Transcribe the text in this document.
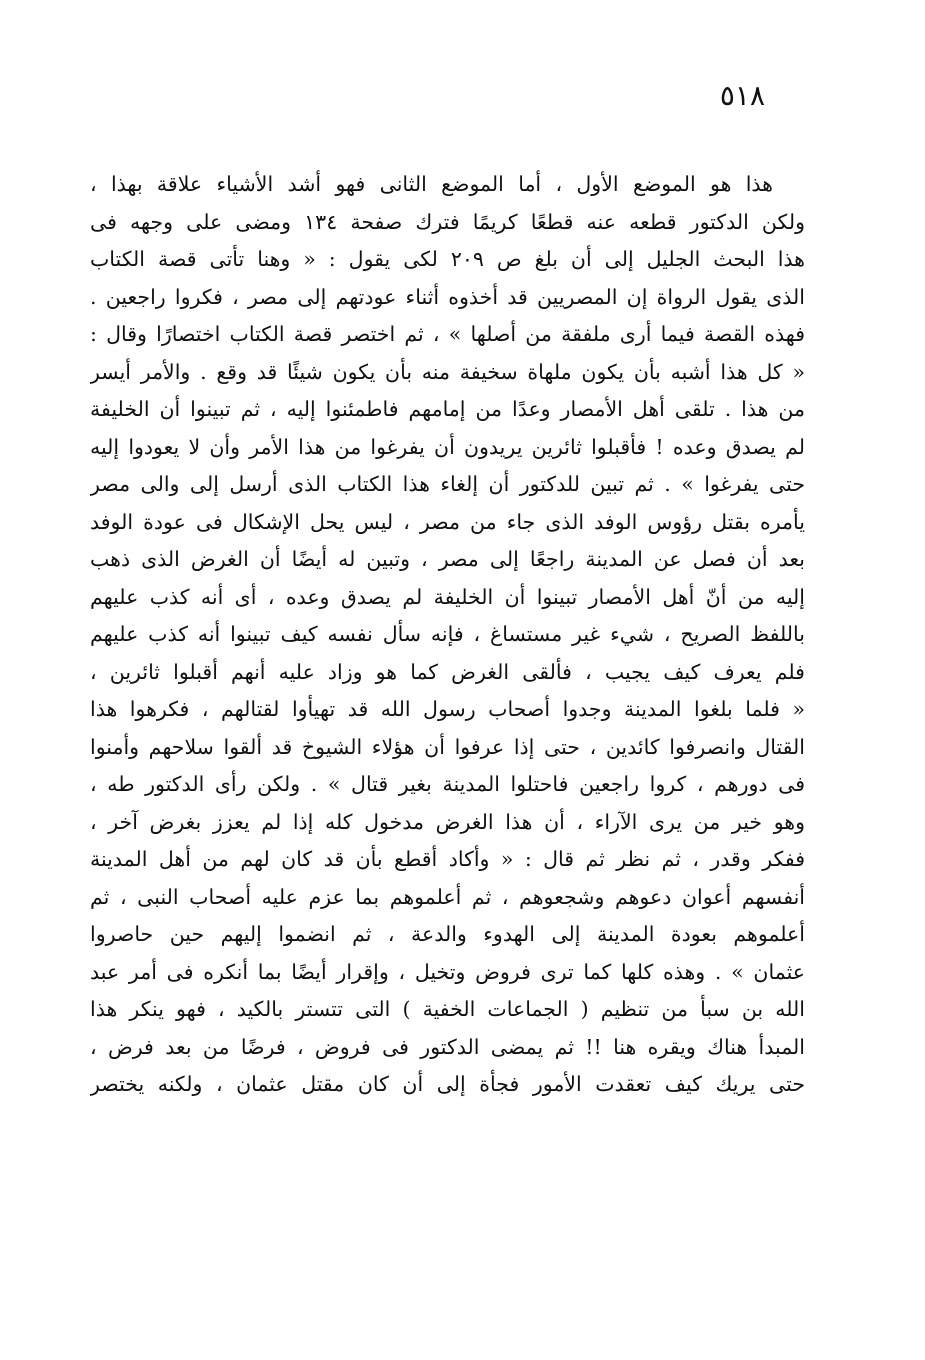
٥١٨
هذا هو الموضع الأول ، أما الموضع الثانى فهو أشد الأشياء علاقة بهذا ،
ولكن الدكتور قطعه عنه قطعًا كريمًا فترك صفحة ١٣٤ ومضى على وجهه فى
هذا البحث الجليل إلى أن بلغ ص ٢٠٩ لكى يقول : « وهنا تأتى قصة الكتاب
الذى يقول الرواة إن المصريين قد أخذوه أثناء عودتهم إلى مصر ، فكروا راجعين .
فهذه القصة فيما أرى ملفقة من أصلها » ، ثم اختصر قصة الكتاب اختصارًا وقال :
« كل هذا أشبه بأن يكون ملهاة سخيفة منه بأن يكون شيئًا قد وقع . والأمر أيسر
من هذا . تلقى أهل الأمصار وعدًا من إمامهم فاطمئنوا إليه ، ثم تبينوا أن الخليفة
لم يصدق وعده ! فأقبلوا ثائرين يريدون أن يفرغوا من هذا الأمر وأن لا يعودوا إليه
حتى يفرغوا » . ثم تبين للدكتور أن إلغاء هذا الكتاب الذى أرسل إلى والى مصر
يأمره بقتل رؤوس الوفد الذى جاء من مصر ، ليس يحل الإشكال فى عودة الوفد
بعد أن فصل عن المدينة راجعًا إلى مصر ، وتبين له أيضًا أن الغرض الذى ذهب
إليه من أنّ أهل الأمصار تبينوا أن الخليفة لم يصدق وعده ، أى أنه كذب عليهم
باللفظ الصريح ، شيء غير مستساغ ، فإنه سأل نفسه كيف تبينوا أنه كذب عليهم
فلم يعرف كيف يجيب ، فألقى الغرض كما هو وزاد عليه أنهم أقبلوا ثائرين ،
« فلما بلغوا المدينة وجدوا أصحاب رسول الله قد تهيأوا لقتالهم ، فكرهوا هذا
القتال وانصرفوا كائدين ، حتى إذا عرفوا أن هؤلاء الشيوخ قد ألقوا سلاحهم وأمنوا
فى دورهم ، كروا راجعين فاحتلوا المدينة بغير قتال » . ولكن رأى الدكتور طه ،
وهو خير من يرى الآراء ، أن هذا الغرض مدخول كله إذا لم يعزز بغرض آخر ،
ففكر وقدر ، ثم نظر ثم قال : « وأكاد أقطع بأن قد كان لهم من أهل المدينة
أنفسهم أعوان دعوهم وشجعوهم ، ثم أعلموهم بما عزم عليه أصحاب النبى ، ثم
أعلموهم بعودة المدينة إلى الهدوء والدعة ، ثم انضموا إليهم حين حاصروا
عثمان » . وهذه كلها كما ترى فروض وتخيل ، وإقرار أيضًا بما أنكره فى أمر عبد
الله بن سبأ من تنظيم ( الجماعات الخفية ) التى تتستر بالكيد ، فهو ينكر هذا
المبدأ هناك ويقره هنا !! ثم يمضى الدكتور فى فروض ، فرضًا من بعد فرض ،
حتى يريك كيف تعقدت الأمور فجأة إلى أن كان مقتل عثمان ، ولكنه يختصر
